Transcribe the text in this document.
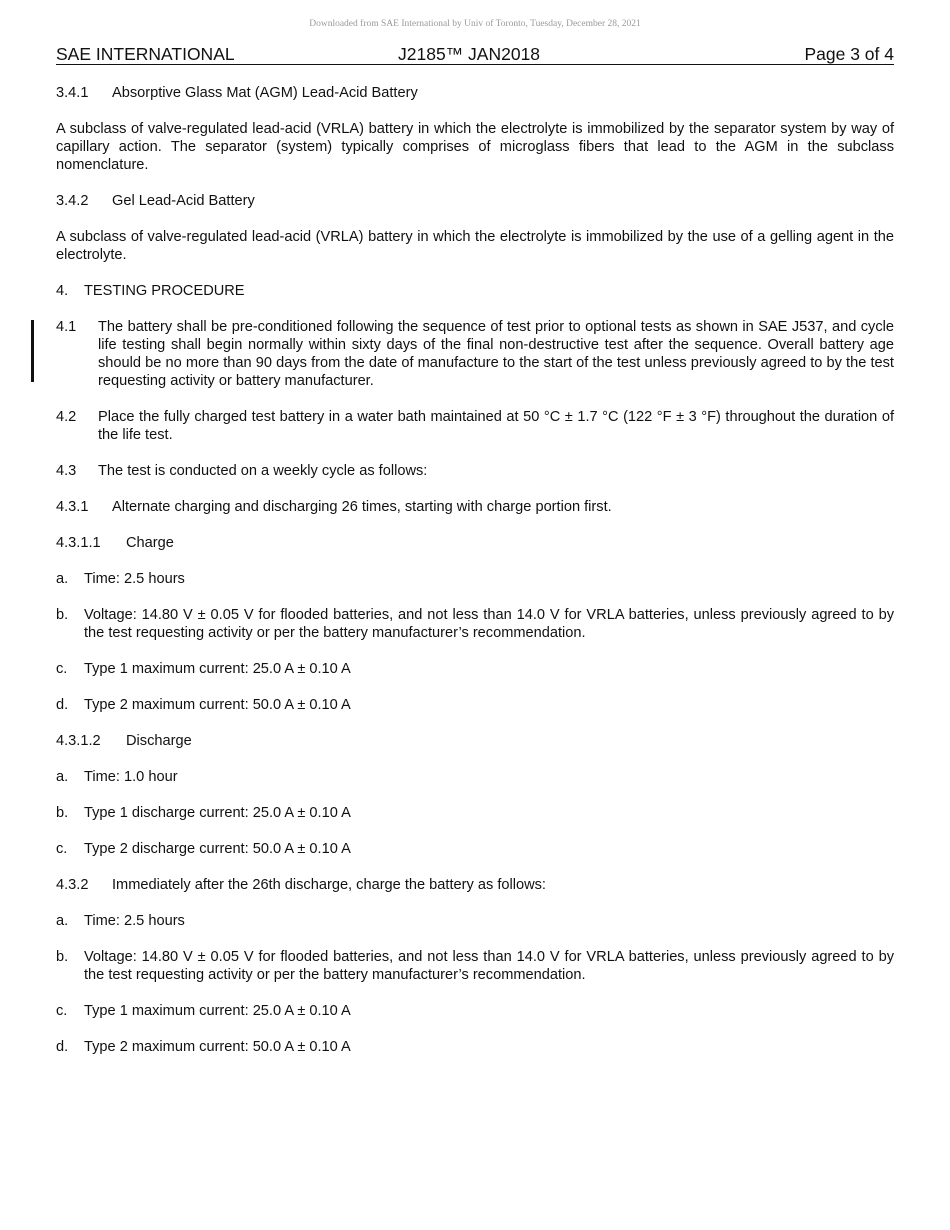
Downloaded from SAE International by Univ of Toronto, Tuesday, December 28, 2021
SAE INTERNATIONAL	J2185™ JAN2018	Page 3 of 4
3.4.1 Absorptive Glass Mat (AGM) Lead-Acid Battery
A subclass of valve-regulated lead-acid (VRLA) battery in which the electrolyte is immobilized by the separator system by way of capillary action. The separator (system) typically comprises of microglass fibers that lead to the AGM in the subclass nomenclature.
3.4.2 Gel Lead-Acid Battery
A subclass of valve-regulated lead-acid (VRLA) battery in which the electrolyte is immobilized by the use of a gelling agent in the electrolyte.
4. TESTING PROCEDURE
4.1 The battery shall be pre-conditioned following the sequence of test prior to optional tests as shown in SAE J537, and cycle life testing shall begin normally within sixty days of the final non-destructive test after the sequence. Overall battery age should be no more than 90 days from the date of manufacture to the start of the test unless previously agreed to by the test requesting activity or battery manufacturer.
4.2 Place the fully charged test battery in a water bath maintained at 50 °C ± 1.7 °C (122 °F ± 3 °F) throughout the duration of the life test.
4.3 The test is conducted on a weekly cycle as follows:
4.3.1 Alternate charging and discharging 26 times, starting with charge portion first.
4.3.1.1 Charge
a. Time: 2.5 hours
b. Voltage: 14.80 V ± 0.05 V for flooded batteries, and not less than 14.0 V for VRLA batteries, unless previously agreed to by the test requesting activity or per the battery manufacturer’s recommendation.
c. Type 1 maximum current: 25.0 A ± 0.10 A
d. Type 2 maximum current: 50.0 A ± 0.10 A
4.3.1.2 Discharge
a. Time: 1.0 hour
b. Type 1 discharge current: 25.0 A ± 0.10 A
c. Type 2 discharge current: 50.0 A ± 0.10 A
4.3.2 Immediately after the 26th discharge, charge the battery as follows:
a. Time: 2.5 hours
b. Voltage: 14.80 V ± 0.05 V for flooded batteries, and not less than 14.0 V for VRLA batteries, unless previously agreed to by the test requesting activity or per the battery manufacturer’s recommendation.
c. Type 1 maximum current: 25.0 A ± 0.10 A
d. Type 2 maximum current: 50.0 A ± 0.10 A
